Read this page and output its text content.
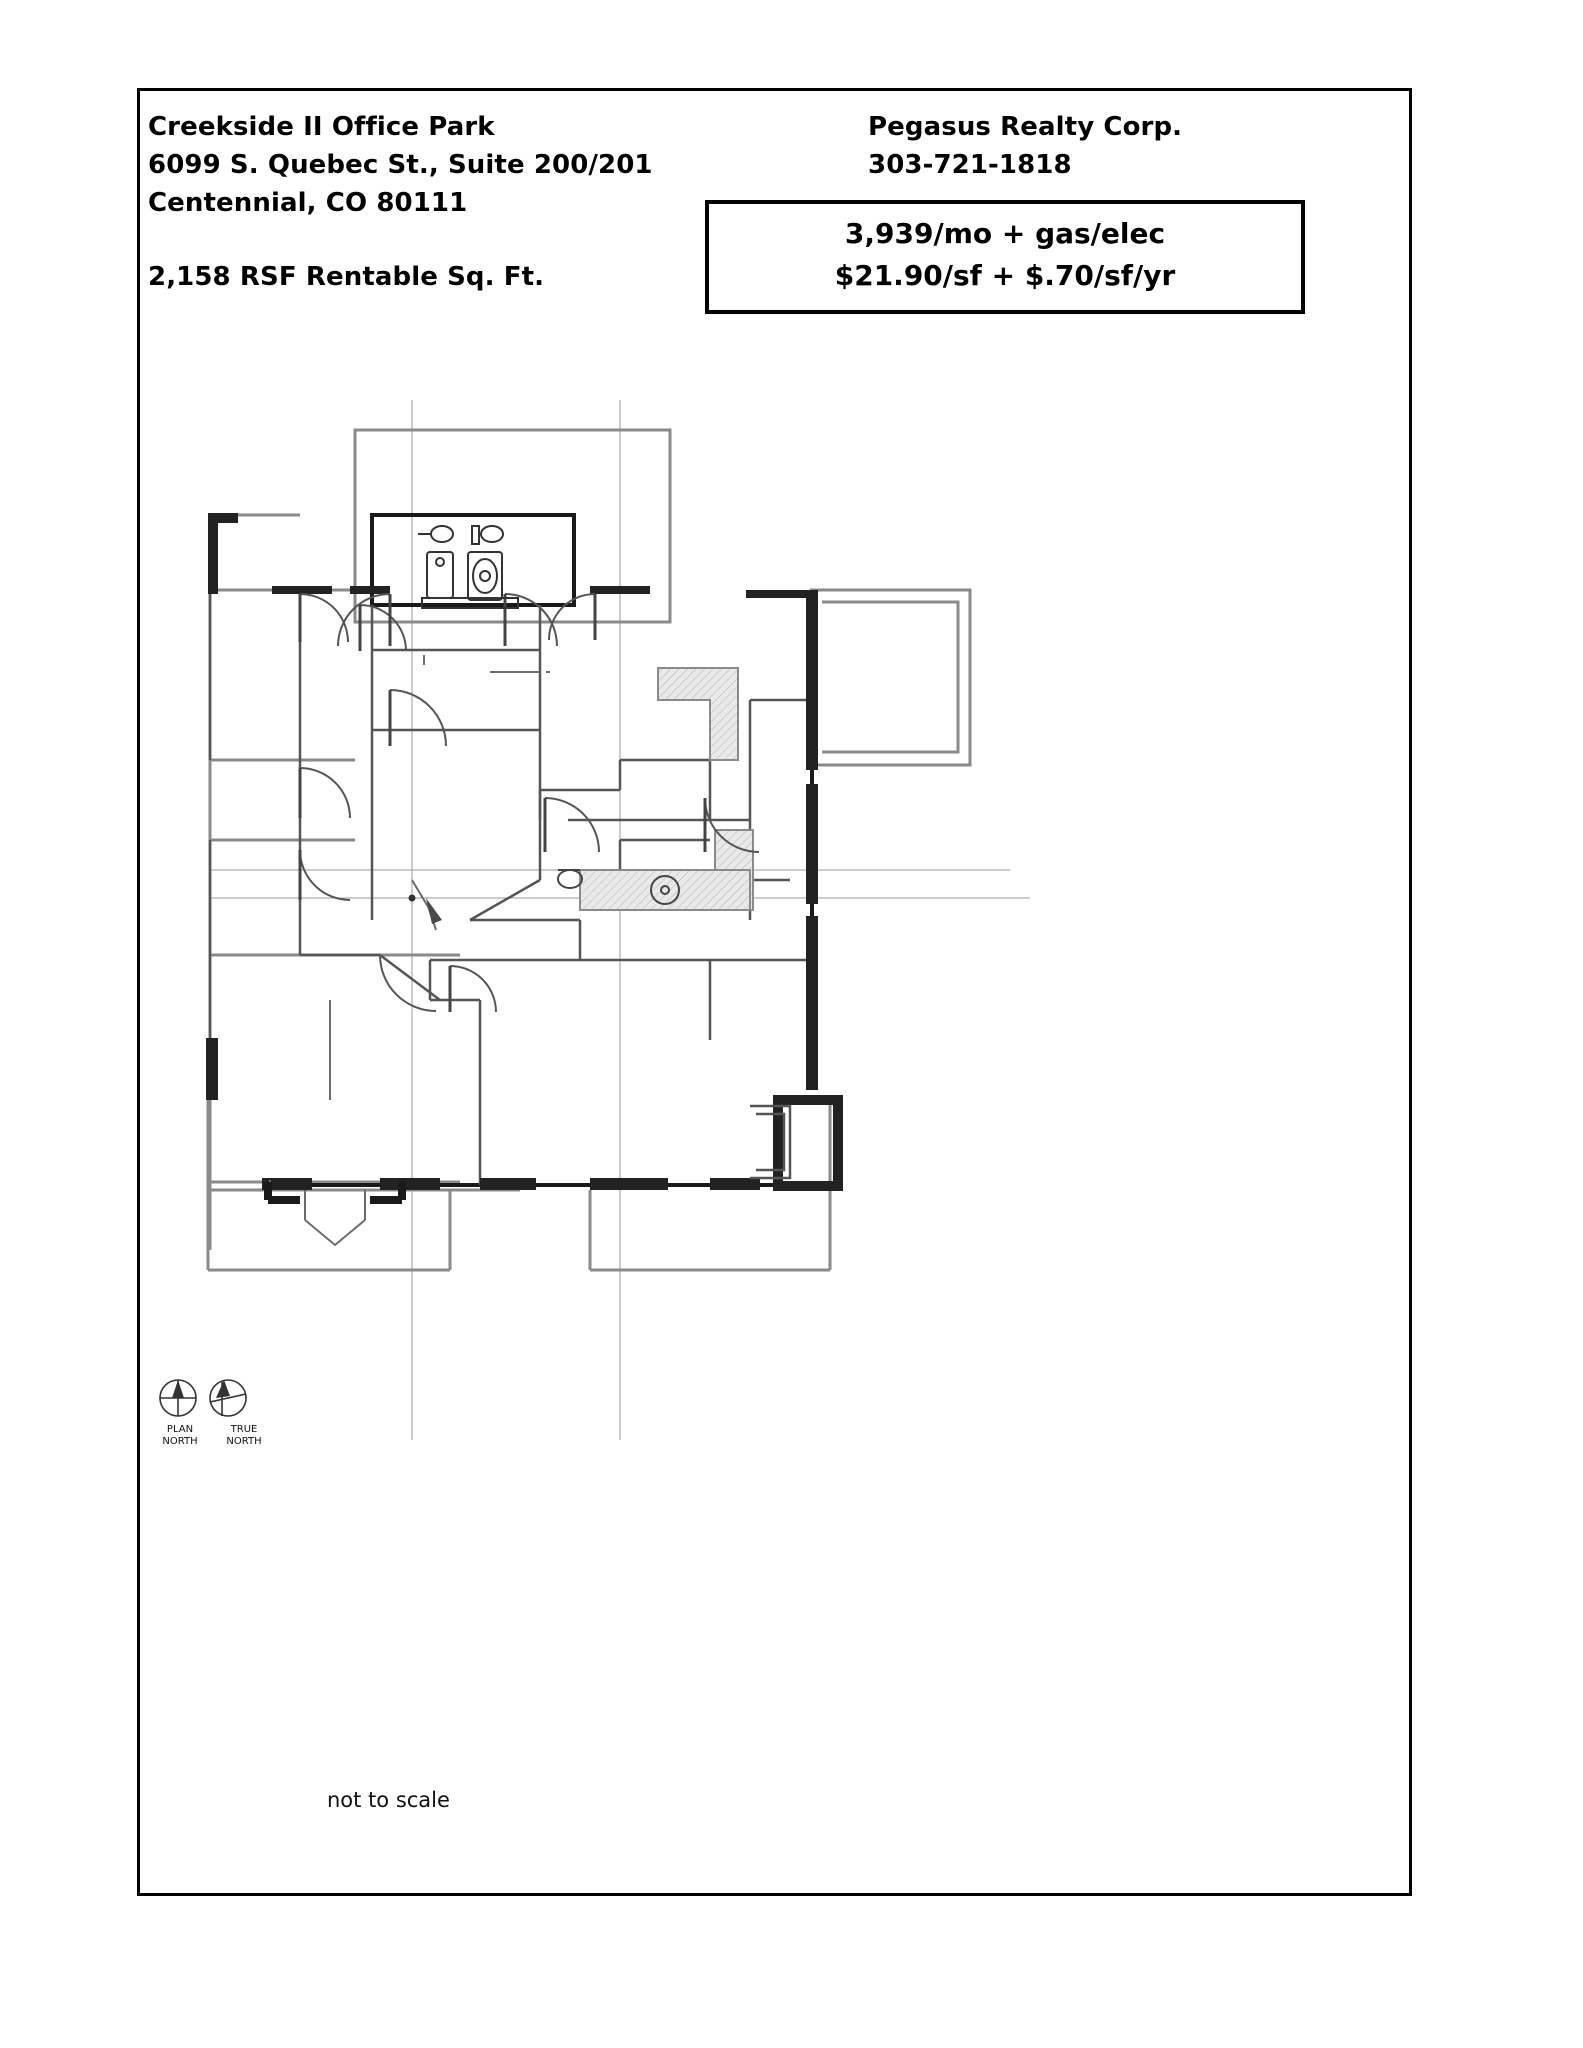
Creekside II Office Park
6099 S. Quebec St., Suite 200/201
Centennial, CO 80111
2,158 RSF Rentable Sq. Ft.
Pegasus Realty Corp.
303-721-1818
3,939/mo + gas/elec
$21.90/sf + $.70/sf/yr
PLAN
NORTH
TRUE
NORTH
not to scale
